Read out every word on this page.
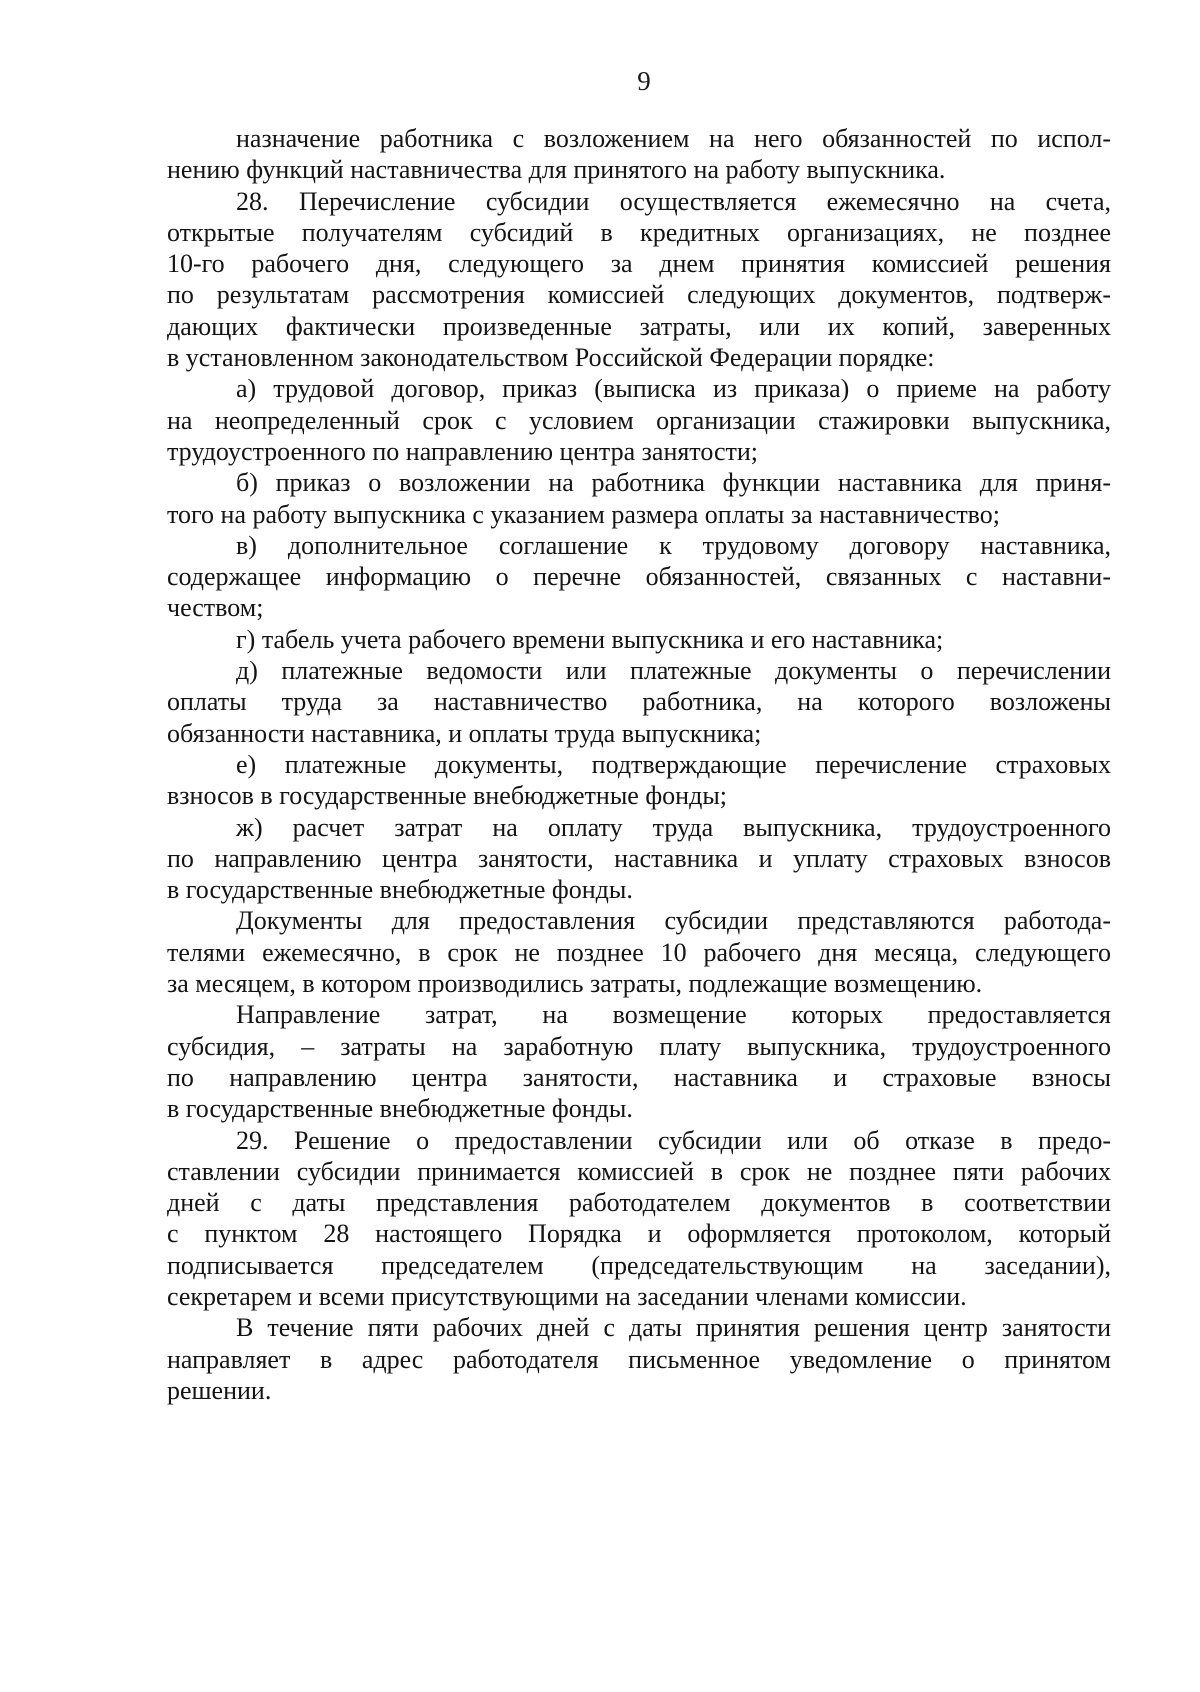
9
назначение работника с возложением на него обязанностей по испол-
нению функций наставничества для принятого на работу выпускника.
28. Перечисление субсидии осуществляется ежемесячно на счета,
открытые получателям субсидий в кредитных организациях, не позднее
10-го рабочего дня, следующего за днем принятия комиссией решения
по результатам рассмотрения комиссией следующих документов, подтверж-
дающих фактически произведенные затраты, или их копий, заверенных
в установленном законодательством Российской Федерации порядке:
а) трудовой договор, приказ (выписка из приказа) о приеме на работу
на неопределенный срок с условием организации стажировки выпускника,
трудоустроенного по направлению центра занятости;
б) приказ о возложении на работника функции наставника для приня-
того на работу выпускника с указанием размера оплаты за наставничество;
в) дополнительное соглашение к трудовому договору наставника,
содержащее информацию о перечне обязанностей, связанных с наставни-
чеством;
г) табель учета рабочего времени выпускника и его наставника;
д) платежные ведомости или платежные документы о перечислении
оплаты труда за наставничество работника, на которого возложены
обязанности наставника, и оплаты труда выпускника;
е) платежные документы, подтверждающие перечисление страховых
взносов в государственные внебюджетные фонды;
ж) расчет затрат на оплату труда выпускника, трудоустроенного
по направлению центра занятости, наставника и уплату страховых взносов
в государственные внебюджетные фонды.
Документы для предоставления субсидии представляются работода-
телями ежемесячно, в срок не позднее 10 рабочего дня месяца, следующего
за месяцем, в котором производились затраты, подлежащие возмещению.
Направление затрат, на возмещение которых предоставляется
субсидия, – затраты на заработную плату выпускника, трудоустроенного
по направлению центра занятости, наставника и страховые взносы
в государственные внебюджетные фонды.
29. Решение о предоставлении субсидии или об отказе в предо-
ставлении субсидии принимается комиссией в срок не позднее пяти рабочих
дней с даты представления работодателем документов в соответствии
с пунктом 28 настоящего Порядка и оформляется протоколом, который
подписывается председателем (председательствующим на заседании),
секретарем и всеми присутствующими на заседании членами комиссии.
В течение пяти рабочих дней с даты принятия решения центр занятости
направляет в адрес работодателя письменное уведомление о принятом
решении.
